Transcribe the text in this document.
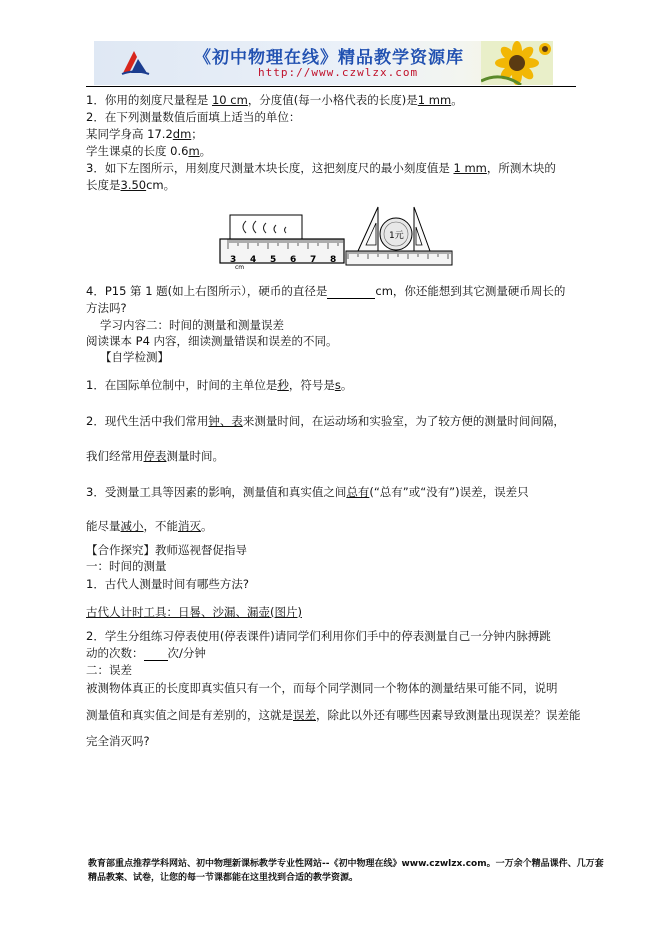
《初中物理在线》精品教学资源库
http://www.czwlzx.com
1．你用的刻度尺量程是 10 cm，分度值(每一小格代表的长度)是1 mm。
2．在下列测量数值后面填上适当的单位：
某同学身高 17.2dm；
学生课桌的长度 0.6m。
3．如下左图所示，用刻度尺测量木块长度，这把刻度尺的最小刻度值是 1 mm，所测木块的
长度是3.50cm。
3 4 5 6 7 8
cm
1元
4．P15 第 1 题(如上右图所示），硬币的直径是	cm，你还能想到其它测量硬币周长的
方法吗?
学习内容二：时间的测量和测量误差
阅读课本 P4 内容，细读测量错误和误差的不同。
【自学检测】
1．在国际单位制中，时间的主单位是秒，符号是s。
2．现代生活中我们常用钟、表来测量时间，在运动场和实验室，为了较方便的测量时间间隔，
我们经常用停表测量时间。
3．受测量工具等因素的影响，测量值和真实值之间总有(“总有”或“没有”)误差，误差只
能尽量减小，不能消灭。
【合作探究】教师巡视督促指导
一：时间的测量
1．古代人测量时间有哪些方法?
古代人计时工具：日晷、沙漏、漏壶(图片)
2．学生分组练习停表使用(停表课件)请同学们利用你们手中的停表测量自己一分钟内脉搏跳
动的次数： 次/分钟
二：误差
被测物体真正的长度即真实值只有一个，而每个同学测同一个物体的测量结果可能不同，说明
测量值和真实值之间是有差别的，这就是误差，除此以外还有哪些因素导致测量出现误差？误差能
完全消灭吗?
教育部重点推荐学科网站、初中物理新课标教学专业性网站--《初中物理在线》www.czwlzx.com。一万余个精品课件、几万套精品教案、试卷，让您的每一节课都能在这里找到合适的教学资源。
